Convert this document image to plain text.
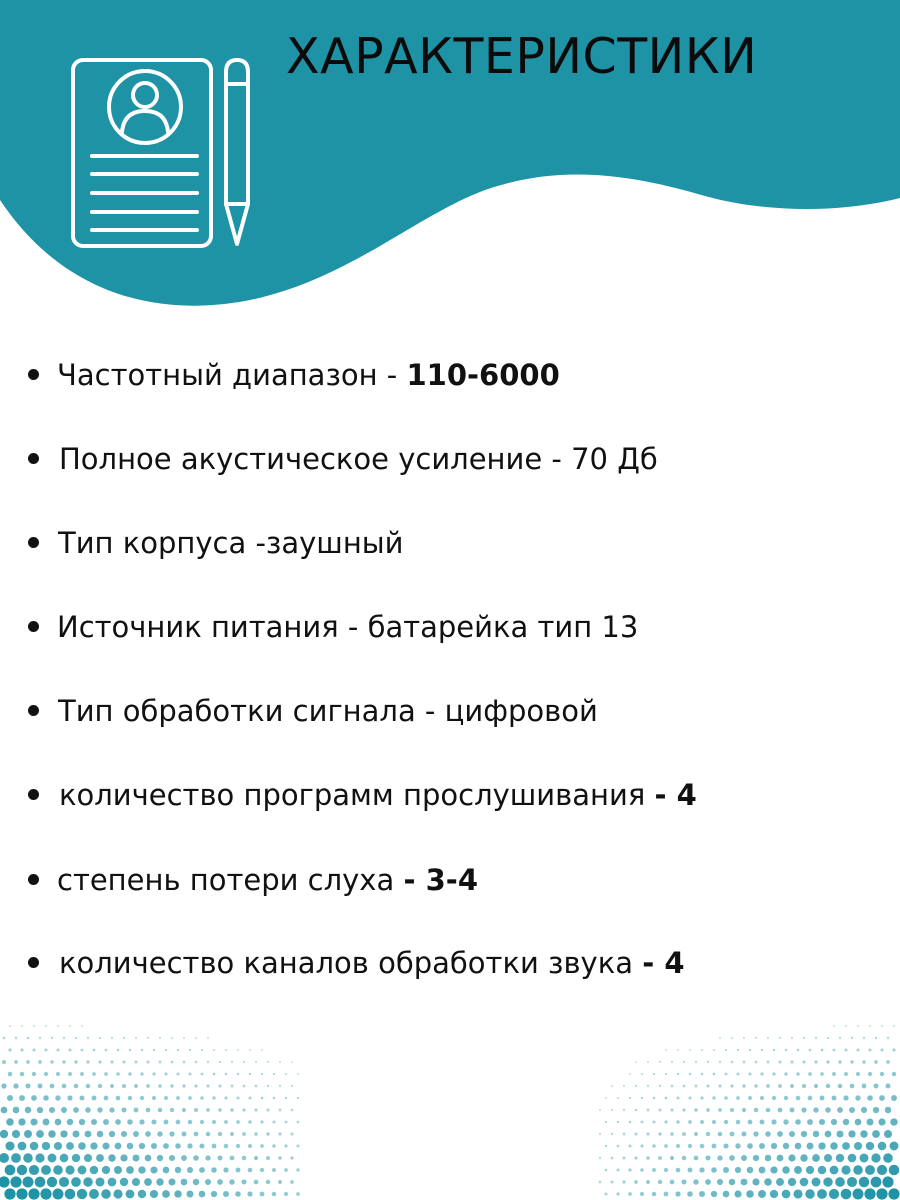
ХАРАКТЕРИСТИКИ
Частотный диапазон - 110-6000
Полное акустическое усиление - 70 Дб
Тип корпуса -заушный
Источник питания - батарейка тип 13
Тип обработки сигнала - цифровой
количество программ прослушивания - 4
степень потери слуха - 3-4
количество каналов обработки звука - 4
